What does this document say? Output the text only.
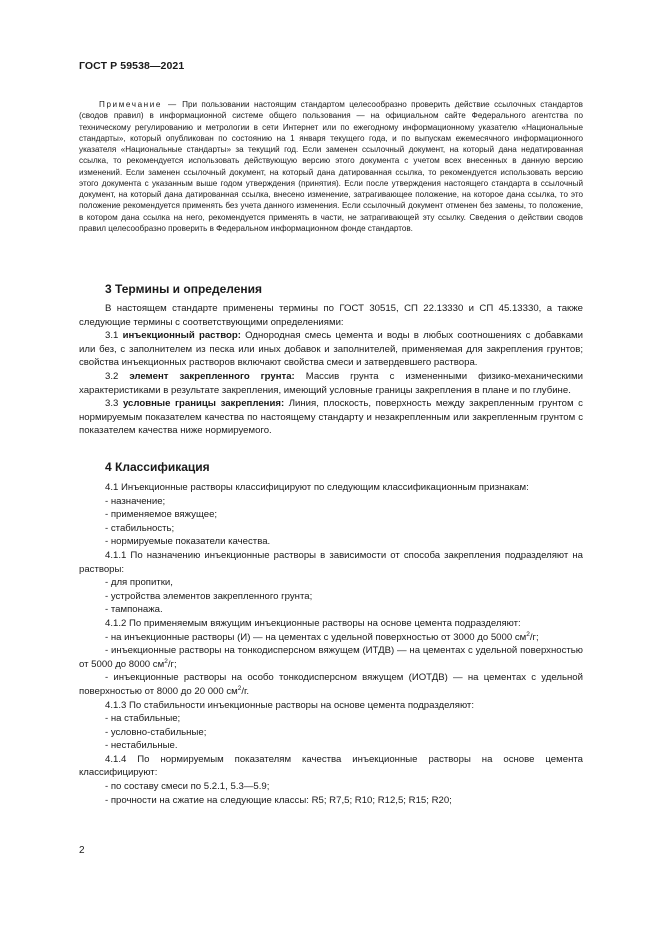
ГОСТ Р 59538—2021
Примечание — При пользовании настоящим стандартом целесообразно проверить действие ссылочных стандартов (сводов правил) в информационной системе общего пользования — на официальном сайте Федерального агентства по техническому регулированию и метрологии в сети Интернет или по ежегодному информационному указателю «Национальные стандарты», который опубликован по состоянию на 1 января текущего года, и по выпускам ежемесячного информационного указателя «Национальные стандарты» за текущий год. Если заменен ссылочный документ, на который дана недатированная ссылка, то рекомендуется использовать действующую версию этого документа с учетом всех внесенных в данную версию изменений. Если заменен ссылочный документ, на который дана датированная ссылка, то рекомендуется использовать версию этого документа с указанным выше годом утверждения (принятия). Если после утверждения настоящего стандарта в ссылочный документ, на который дана датированная ссылка, внесено изменение, затрагивающее положение, на которое дана ссылка, то это положение рекомендуется применять без учета данного изменения. Если ссылочный документ отменен без замены, то положение, в котором дана ссылка на него, рекомендуется применять в части, не затрагивающей эту ссылку. Сведения о действии сводов правил целесообразно проверить в Федеральном информационном фонде стандартов.
3 Термины и определения

В настоящем стандарте применены термины по ГОСТ 30515, СП 22.13330 и СП 45.13330, а также следующие термины с соответствующими определениями:

3.1 инъекционный раствор: Однородная смесь цемента и воды в любых соотношениях с добавками или без, с заполнителем из песка или иных добавок и заполнителей, применяемая для закрепления грунтов; свойства инъекционных растворов включают свойства смеси и затвердевшего раствора.

3.2 элемент закрепленного грунта: Массив грунта с измененными физико-механическими характеристиками в результате закрепления, имеющий условные границы закрепления в плане и по глубине.

3.3 условные границы закрепления: Линия, плоскость, поверхность между закрепленным грунтом с нормируемым показателем качества по настоящему стандарту и незакрепленным или закрепленным грунтом с показателем качества ниже нормируемого.

4 Классификация

4.1 Инъекционные растворы классифицируют по следующим классификационным признакам:

- назначение;

- применяемое вяжущее;

- стабильность;

- нормируемые показатели качества.

4.1.1 По назначению инъекционные растворы в зависимости от способа закрепления подразделяют на растворы:

- для пропитки,

- устройства элементов закрепленного грунта;

- тампонажа.

4.1.2 По применяемым вяжущим инъекционные растворы на основе цемента подразделяют:

- на инъекционные растворы (И) — на цементах с удельной поверхностью от 3000 до 5000 $см^2/г$;

- инъекционные растворы на тонкодисперсном вяжущем (ИТДВ) — на цементах с удельной поверхностью от 5000 до 8000 $см^2/г$;

- инъекционные растворы на особо тонкодисперсном вяжущем (ИОТДВ) — на цементах с удельной поверхностью от 8000 до 20 000 $см^2/г$.

4.1.3 По стабильности инъекционные растворы на основе цемента подразделяют:

- на стабильные;

- условно-стабильные;

- нестабильные.

4.1.4 По нормируемым показателям качества инъекционные растворы на основе цемента классифицируют:

- по составу смеси по 5.2.1, 5.3—5.9;

- прочности на сжатие на следующие классы: R5; R7,5; R10; R12,5; R15; R20;

2
